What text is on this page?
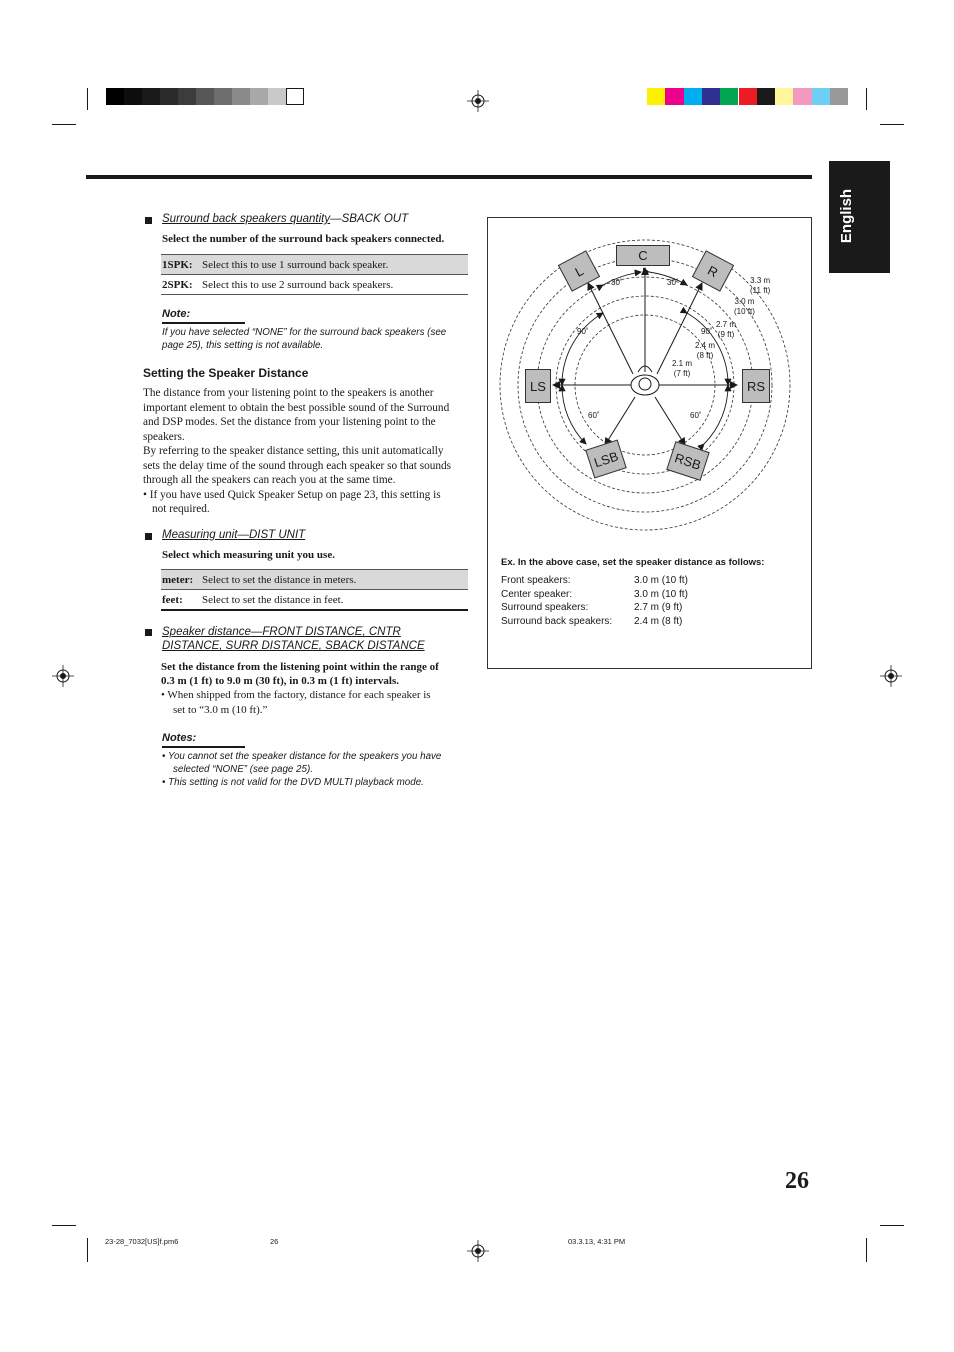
English
Surround back speakers quantity—SBACK OUT
Select the number of the surround back speakers connected.
1SPK: Select this to use 1 surround back speaker.
2SPK: Select this to use 2 surround back speakers.
Note:
If you have selected “NONE” for the surround back speakers (see
page 25), this setting is not available.
Setting the Speaker Distance
The distance from your listening point to the speakers is another
important element to obtain the best possible sound of the Surround
and DSP modes. Set the distance from your listening point to the
speakers.
By referring to the speaker distance setting, this unit automatically
sets the delay time of the sound through each speaker so that sounds
through all the speakers can reach you at the same time.
• If you have used Quick Speaker Setup on page 23, this setting is
not required.
Measuring unit—DIST UNIT
Select which measuring unit you use.
meter: Select to set the distance in meters.
feet:	Select to set the distance in feet.
Speaker distance—FRONT DISTANCE, CNTR
DISTANCE, SURR DISTANCE, SBACK DISTANCE
Set the distance from the listening point within the range of
0.3 m (1 ft) to 9.0 m (30 ft), in 0.3 m (1 ft) intervals.
• When shipped from the factory, distance for each speaker is
set to “3.0 m (10 ft).”
Notes:
• You cannot set the speaker distance for the speakers you have
selected “NONE” (see page 25).
• This setting is not valid for the DVD MULTI playback mode.
C
L	R
LS	RS
LSB	RSB
30˚	30˚
90˚	90˚
60˚	60˚
3.3 m
(11 ft)
3.0 m
(10 ft)
2.7 m
(9 ft)
2.4 m
(8 ft)
2.1 m
(7 ft)
Ex. In the above case, set the speaker distance as follows:
Front speakers:	3.0 m (10 ft)
Center speaker:	3.0 m (10 ft)
Surround speakers:	2.7 m (9 ft)
Surround back speakers: 2.4 m (8 ft)
26
23-28_7032[US]f.pm6	26	03.3.13, 4:31 PM
